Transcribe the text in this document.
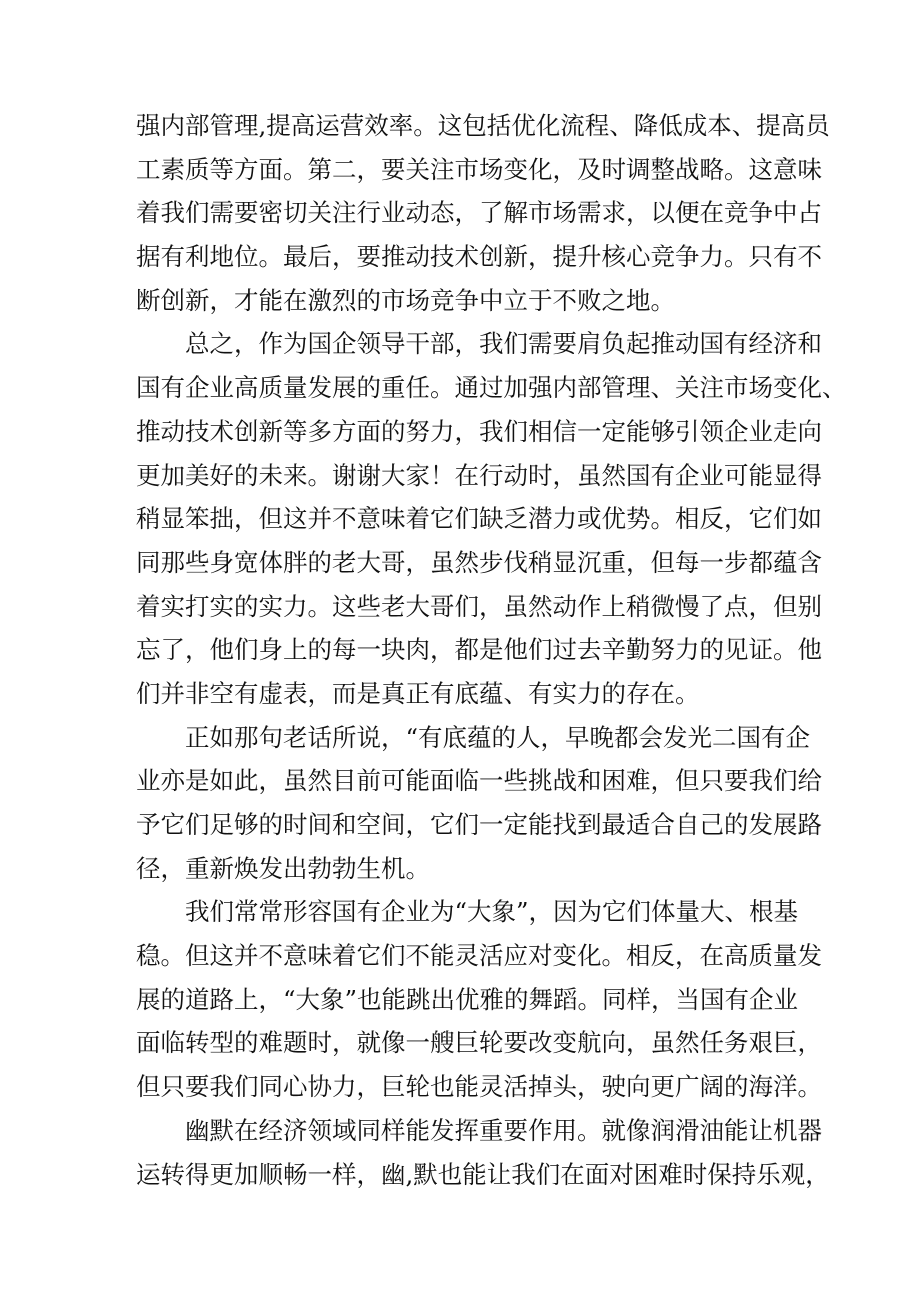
强内部管理,提高运营效率。这包括优化流程、降低成本、提高员
工素质等方面。第二，要关注市场变化，及时调整战略。这意味
着我们需要密切关注行业动态，了解市场需求，以便在竞争中占
据有利地位。最后，要推动技术创新，提升核心竞争力。只有不
断创新，才能在激烈的市场竞争中立于不败之地。
总之，作为国企领导干部，我们需要肩负起推动国有经济和
国有企业高质量发展的重任。通过加强内部管理、关注市场变化、
推动技术创新等多方面的努力，我们相信一定能够引领企业走向
更加美好的未来。谢谢大家！在行动时，虽然国有企业可能显得
稍显笨拙，但这并不意味着它们缺乏潜力或优势。相反，它们如
同那些身宽体胖的老大哥，虽然步伐稍显沉重，但每一步都蕴含
着实打实的实力。这些老大哥们，虽然动作上稍微慢了点，但别
忘了，他们身上的每一块肉，都是他们过去辛勤努力的见证。他
们并非空有虚表，而是真正有底蕴、有实力的存在。
正如那句老话所说，“有底蕴的人，早晚都会发光二国有企
业亦是如此，虽然目前可能面临一些挑战和困难，但只要我们给
予它们足够的时间和空间，它们一定能找到最适合自己的发展路
径，重新焕发出勃勃生机。
我们常常形容国有企业为“大象”，因为它们体量大、根基
稳。但这并不意味着它们不能灵活应对变化。相反，在高质量发
展的道路上，“大象”也能跳出优雅的舞蹈。同样，当国有企业
面临转型的难题时，就像一艘巨轮要改变航向，虽然任务艰巨，
但只要我们同心协力，巨轮也能灵活掉头，驶向更广阔的海洋。
幽默在经济领域同样能发挥重要作用。就像润滑油能让机器
运转得更加顺畅一样，幽,默也能让我们在面对困难时保持乐观，
